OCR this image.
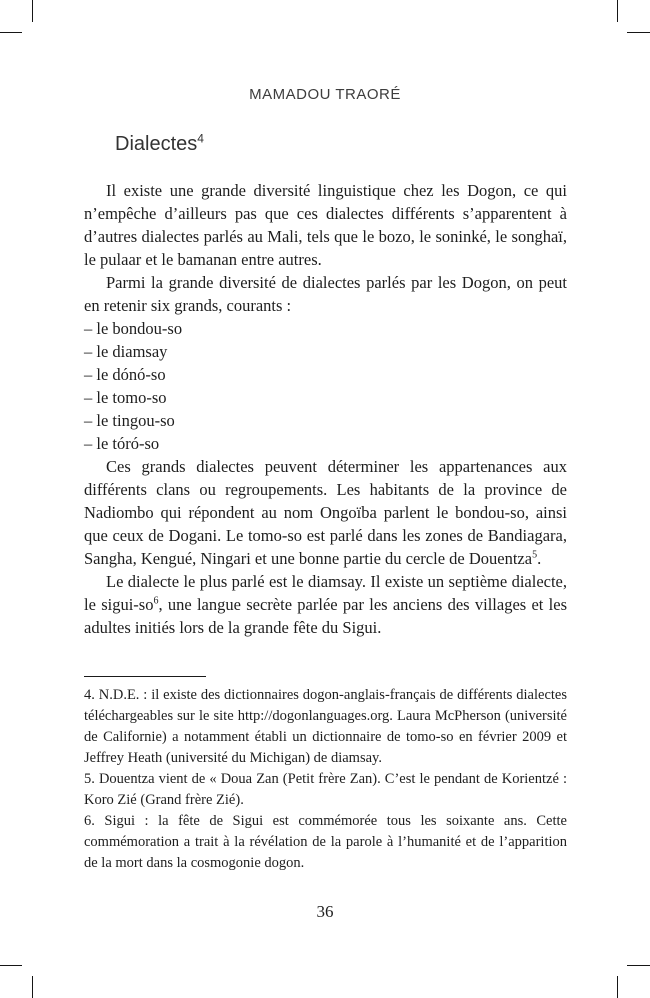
MAMADOU TRAORÉ
Dialectes$^4$

Il existe une grande diversité linguistique chez les Dogon, ce qui n’empêche d’ailleurs pas que ces dialectes différents s’apparentent à d’autres dialectes parlés au Mali, tels que le bozo, le soninké, le songhaï, le pulaar et le bamanan entre autres.

Parmi la grande diversité de dialectes parlés par les Dogon, on peut en retenir six grands, courants :

– le bondou-so
– le diamsay
– le dónó-so
– le tomo-so
– le tingou-so
– le tóró-so

Ces grands dialectes peuvent déterminer les appartenances aux différents clans ou regroupements. Les habitants de la province de Nadiombo qui répondent au nom Ongoïba parlent le bondou-so, ainsi que ceux de Dogani. Le tomo-so est parlé dans les zones de Bandiagara, Sangha, Kengué, Ningari et une bonne partie du cercle de Douentza$^5$.

Le dialecte le plus parlé est le diamsay. Il existe un septième dialecte, le sigui-so$^6$, une langue secrète parlée par les anciens des villages et les adultes initiés lors de la grande fête du Sigui.

4. N.D.E. : il existe des dictionnaires dogon-anglais-français de différents dialectes téléchargeables sur le site http://dogonlanguages.org. Laura McPherson (université de Californie) a notamment établi un dictionnaire de tomo-so en février 2009 et Jeffrey Heath (université du Michigan) de diamsay.

5. Douentza vient de « Doua Zan (Petit frère Zan). C’est le pendant de Korientzé : Koro Zié (Grand frère Zié).

6. Sigui : la fête de Sigui est commémorée tous les soixante ans. Cette commémoration a trait à la révélation de la parole à l’humanité et de l’apparition de la mort dans la cosmogonie dogon.

36
